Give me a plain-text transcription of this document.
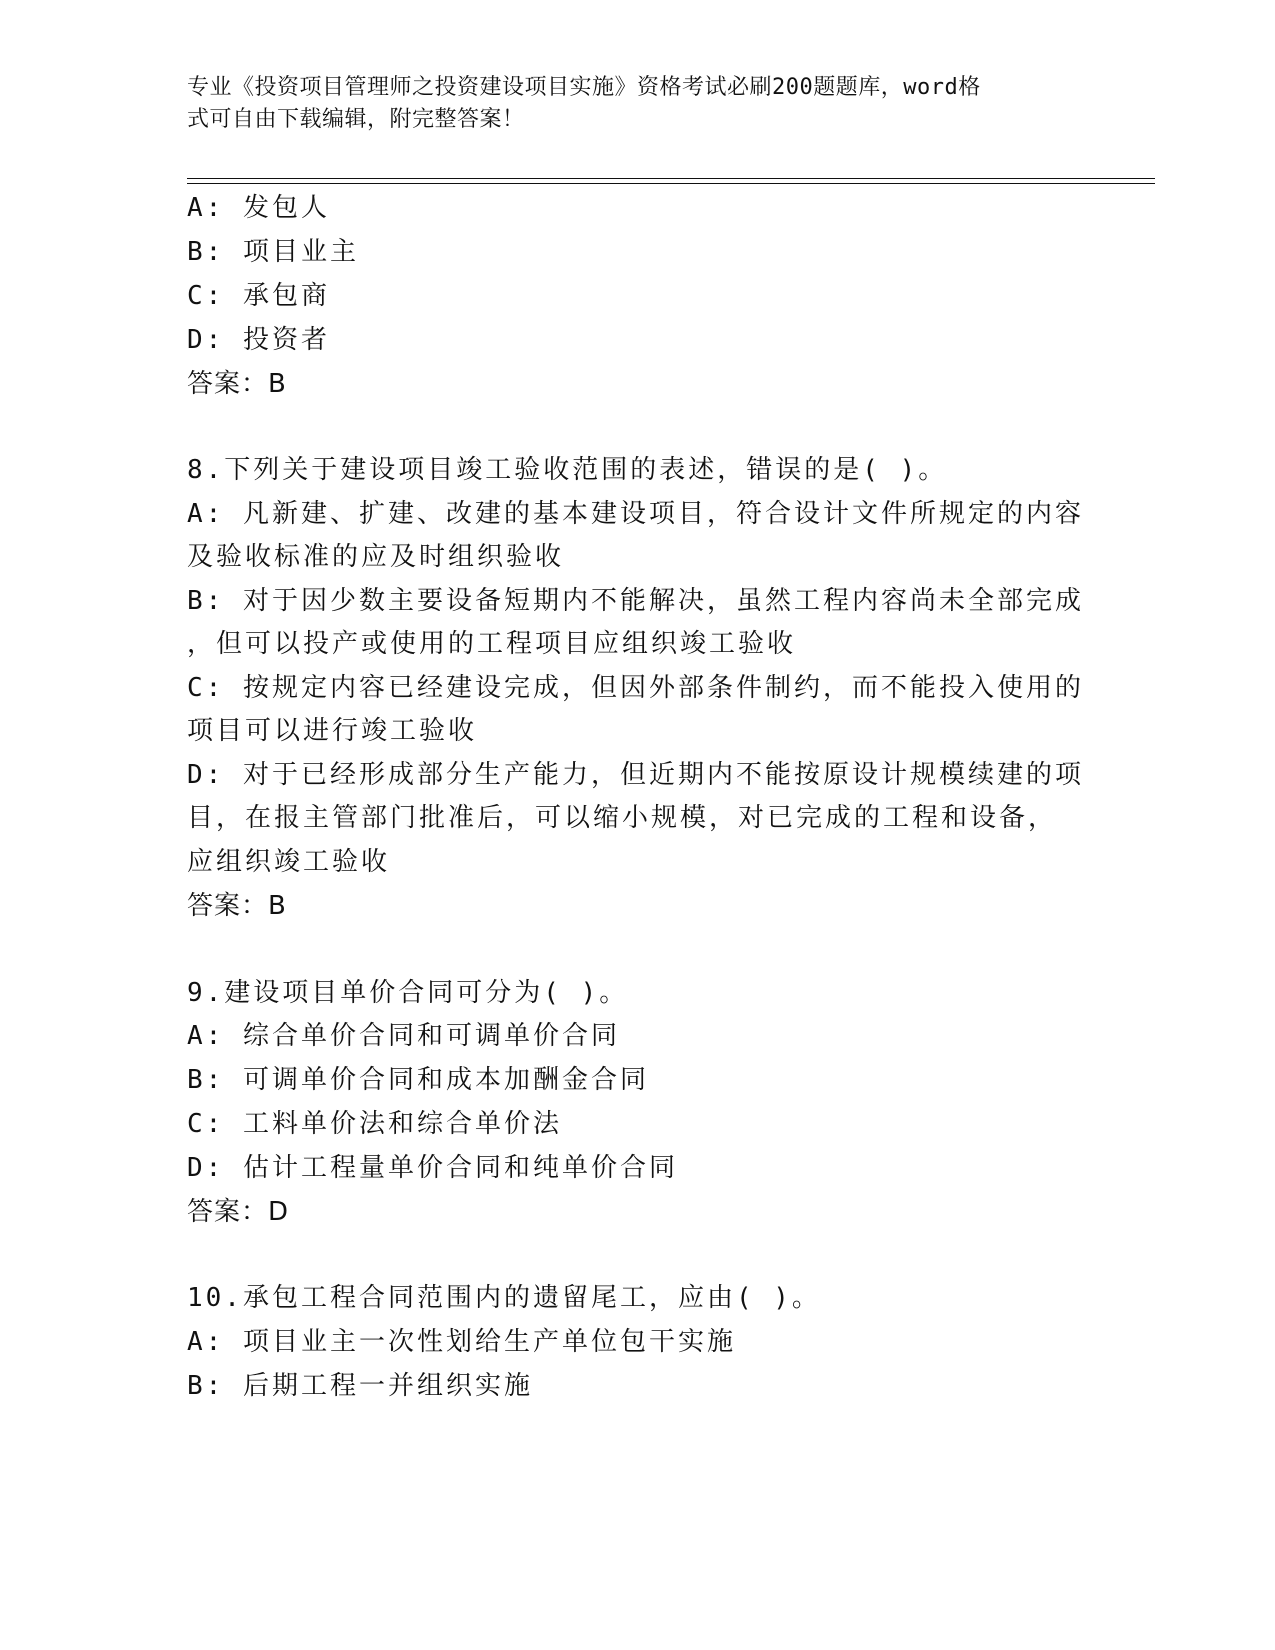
专业《投资项目管理师之投资建设项目实施》资格考试必刷200题题库，word格
式可自由下载编辑，附完整答案！
A: 发包人
B: 项目业主
C: 承包商
D: 投资者
答案：B
8.下列关于建设项目竣工验收范围的表述，错误的是( )。
A: 凡新建、扩建、改建的基本建设项目，符合设计文件所规定的内容
及验收标准的应及时组织验收
B: 对于因少数主要设备短期内不能解决，虽然工程内容尚未全部完成
，但可以投产或使用的工程项目应组织竣工验收
C: 按规定内容已经建设完成，但因外部条件制约，而不能投入使用的
项目可以进行竣工验收
D: 对于已经形成部分生产能力，但近期内不能按原设计规模续建的项
目，在报主管部门批准后，可以缩小规模，对已完成的工程和设备，
应组织竣工验收
答案：B
9.建设项目单价合同可分为( )。
A: 综合单价合同和可调单价合同
B: 可调单价合同和成本加酬金合同
C: 工料单价法和综合单价法
D: 估计工程量单价合同和纯单价合同
答案：D
10.承包工程合同范围内的遗留尾工，应由( )。
A: 项目业主一次性划给生产单位包干实施
B: 后期工程一并组织实施
